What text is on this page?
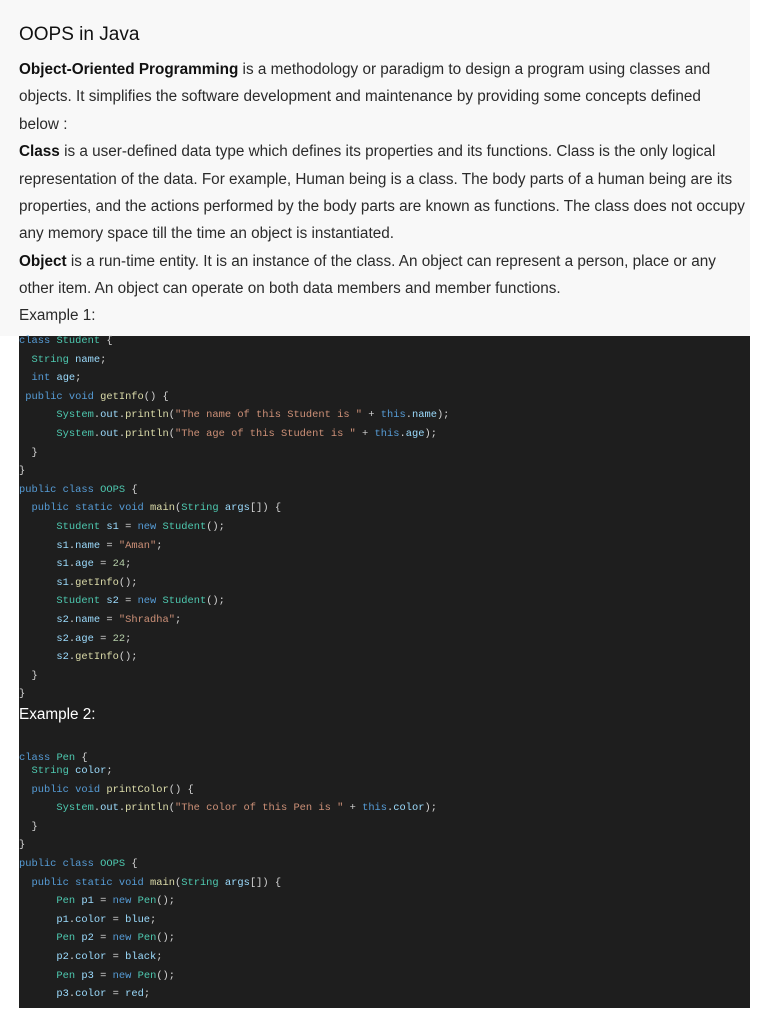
OOPS in Java

Object-Oriented Programming is a methodology or paradigm to design a program using classes and objects. It simplifies the software development and maintenance by providing some concepts defined below :

Class is a user-defined data type which defines its properties and its functions. Class is the only logical representation of the data. For example, Human being is a class. The body parts of a human being are its properties, and the actions performed by the body parts are known as functions. The class does not occupy any memory space till the time an object is instantiated.

Object is a run-time entity. It is an instance of the class. An object can represent a person, place or any other item. An object can operate on both data members and member functions.

Example 1:
Example 2:
class Student {
String name;
int age;
public void getInfo() {
System.out.println("The name of this Student is " + this.name);
System.out.println("The age of this Student is " + this.age);
}
}
public class OOPS {
public static void main(String args[]) {
Student s1 = new Student();
s1.name = "Aman";
s1.age = 24;
s1.getInfo();
Student s2 = new Student();
s2.name = "Shradha";
s2.age = 22;
s2.getInfo();
}
}
class Pen {
String color;
public void printColor() {
System.out.println("The color of this Pen is " + this.color);
}
}
public class OOPS {
public static void main(String args[]) {
Pen p1 = new Pen();
p1.color = blue;
Pen p2 = new Pen();
p2.color = black;
Pen p3 = new Pen();
p3.color = red;
